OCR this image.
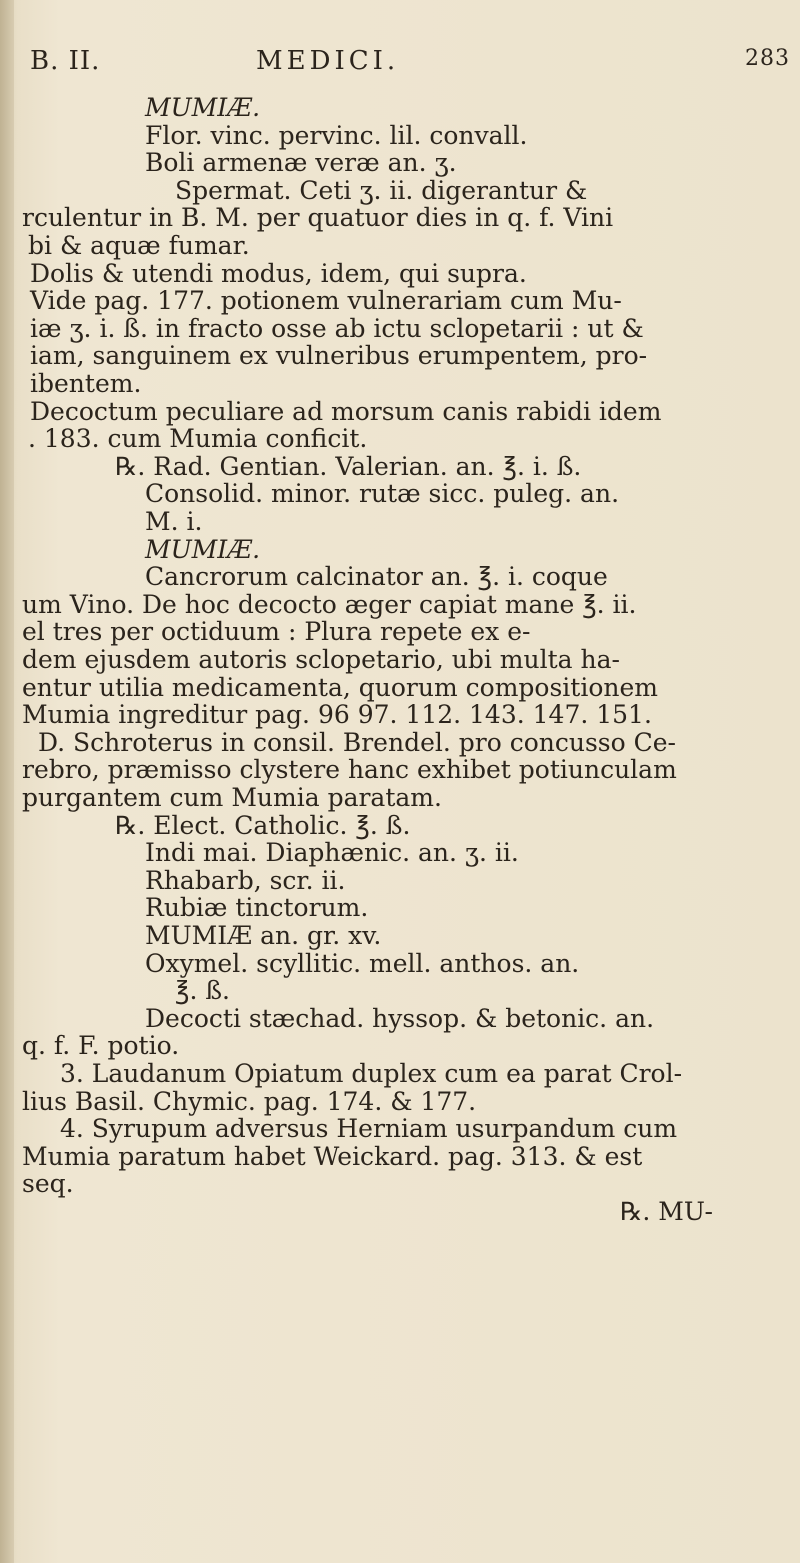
B. II.	MEDICI.	283
MUMIÆ.
Flor. vinc. pervinc. lil. convall.
Boli armenæ veræ an. ʒ.
Spermat. Ceti ʒ. ii. digerantur &
rculentur in B. M. per quatuor dies in q. f. Vini
bi & aquæ fumar.
Dolis & utendi modus, idem, qui supra.
Vide pag. 177. potionem vulnerariam cum Mu-
iæ ʒ. i. ß. in fracto osse ab ictu sclopetarii : ut &
iam, sanguinem ex vulneribus erumpentem, pro-
ibentem.
Decoctum peculiare ad morsum canis rabidi idem
. 183. cum Mumia conficit.
℞. Rad. Gentian. Valerian. an. ℥. i. ß.
Consolid. minor. rutæ sicc. puleg. an.
M. i.
MUMIÆ.
Cancrorum calcinator an. ℥. i. coque
um Vino. De hoc decocto æger capiat mane ℥. ii.
el tres per octiduum : Plura repete ex e-
dem ejusdem autoris sclopetario, ubi multa ha-
entur utilia medicamenta, quorum compositionem
Mumia ingreditur pag. 96 97. 112. 143. 147. 151.
D. Schroterus in consil. Brendel. pro concusso Ce-
rebro, præmisso clystere hanc exhibet potiunculam
purgantem cum Mumia paratam.
℞. Elect. Catholic. ℥. ß.
Indi mai. Diaphænic. an. ʒ. ii.
Rhabarb, scr. ii.
Rubiæ tinctorum.
MUMIÆ an. gr. xv.
Oxymel. scyllitic. mell. anthos. an.
℥. ß.
Decocti stæchad. hyssop. & betonic. an.
q. f. F. potio.
3. Laudanum Opiatum duplex cum ea parat Crol-
lius Basil. Chymic. pag. 174. & 177.
4. Syrupum adversus Herniam usurpandum cum
Mumia paratum habet Weickard. pag. 313. & est
seq.
℞. MU-
